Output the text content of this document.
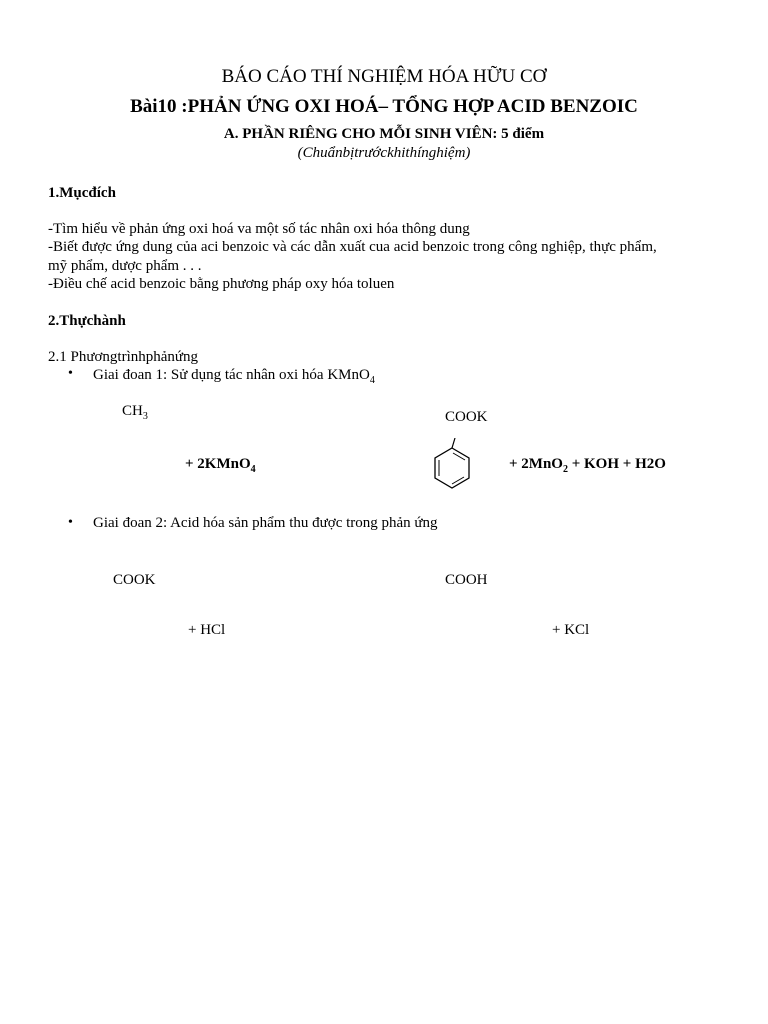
BÁO CÁO THÍ NGHIỆM HÓA HỮU CƠ
Bài10 :PHẢN ỨNG OXI HOÁ– TỔNG HỢP ACID BENZOIC
A. PHẦN RIÊNG CHO MỖI SINH VIÊN: 5 điểm
(Chuẩnbịtrướckhithínghiệm)
1.Mụcđích
-Tìm hiểu về phản ứng oxi hoá va một số tác nhân oxi hóa thông dung
-Biết được ứng dung của aci benzoic và các dẫn xuất cua acid benzoic trong công nghiệp, thực phẩm,
mỹ phẩm, dược phẩm . . .
-Điều chế acid benzoic bằng phương pháp oxy hóa toluen
2.Thựchành
2.1 Phươngtrìnhphảnứng
• Giai đoan 1: Sử dụng tác nhân oxi hóa KMnO$_4$
$CH_3$
+ 2KMnO$_4$
COOK
+ 2MnO$_2$ + KOH + H2O
• Giai đoan 2: Acid hóa sản phẩm thu được trong phản ứng
COOK	COOH
+ HCl	+ KCl
